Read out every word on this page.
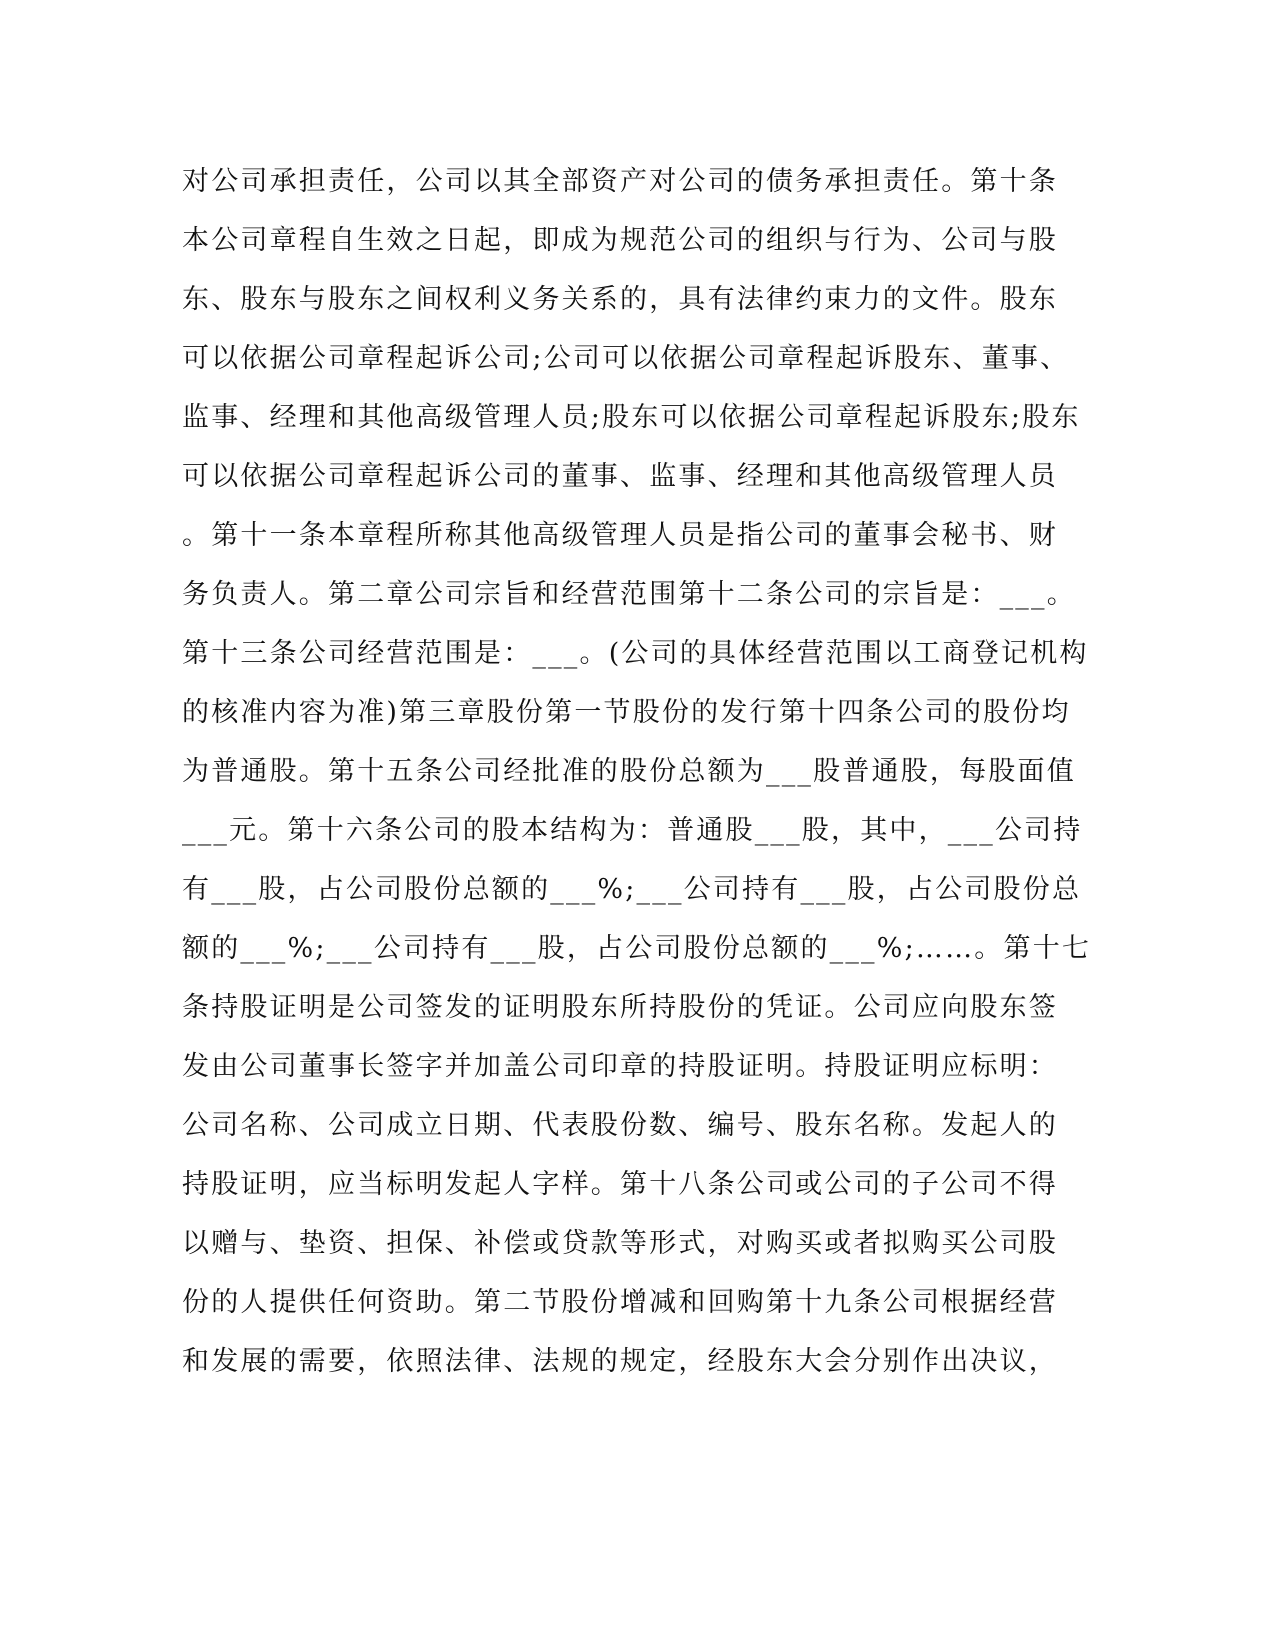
对公司承担责任，公司以其全部资产对公司的债务承担责任。第十条
本公司章程自生效之日起，即成为规范公司的组织与行为、公司与股
东、股东与股东之间权利义务关系的，具有法律约束力的文件。股东
可以依据公司章程起诉公司;公司可以依据公司章程起诉股东、董事、
监事、经理和其他高级管理人员;股东可以依据公司章程起诉股东;股东
可以依据公司章程起诉公司的董事、监事、经理和其他高级管理人员
。第十一条本章程所称其他高级管理人员是指公司的董事会秘书、财
务负责人。第二章公司宗旨和经营范围第十二条公司的宗旨是：___。
第十三条公司经营范围是：___。(公司的具体经营范围以工商登记机构
的核准内容为准)第三章股份第一节股份的发行第十四条公司的股份均
为普通股。第十五条公司经批准的股份总额为___股普通股，每股面值
___元。第十六条公司的股本结构为：普通股___股，其中，___公司持
有___股，占公司股份总额的___%;___公司持有___股，占公司股份总
额的___%;___公司持有___股，占公司股份总额的___%;……。第十七
条持股证明是公司签发的证明股东所持股份的凭证。公司应向股东签
发由公司董事长签字并加盖公司印章的持股证明。持股证明应标明：
公司名称、公司成立日期、代表股份数、编号、股东名称。发起人的
持股证明，应当标明发起人字样。第十八条公司或公司的子公司不得
以赠与、垫资、担保、补偿或贷款等形式，对购买或者拟购买公司股
份的人提供任何资助。第二节股份增减和回购第十九条公司根据经营
和发展的需要，依照法律、法规的规定，经股东大会分别作出决议，
